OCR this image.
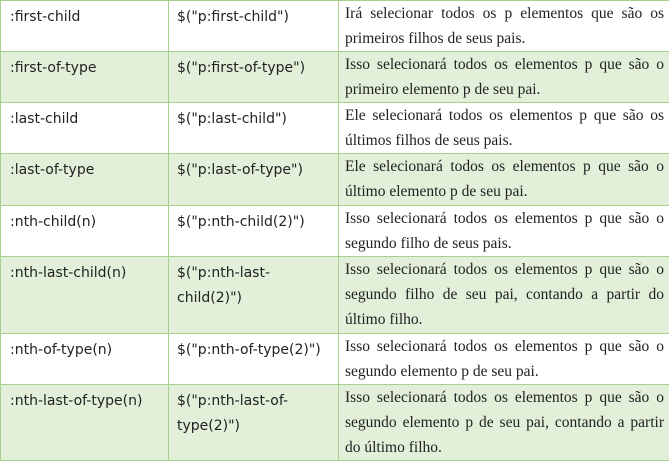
:first-child	$("p:first-child")	Irá selecionar todos os p elementos que são os primeiros filhos de seus pais.

:first-of-type	$("p:first-of-type")	Isso selecionará todos os elementos p que são o primeiro elemento p de seu pai.

:last-child	$("p:last-child")	Ele selecionará todos os elementos p que são os últimos filhos de seus pais.

:last-of-type	$("p:last-of-type")	Ele selecionará todos os elementos p que são o último elemento p de seu pai.

:nth-child(n)	$("p:nth-child(2)")	Isso selecionará todos os elementos p que são o segundo filho de seus pais.

:nth-last-child(n)	$("p:nth-last-child(2)")	Isso selecionará todos os elementos p que são o segundo filho de seu pai, contando a partir do último filho.

:nth-of-type(n)	$("p:nth-of-type(2)")	Isso selecionará todos os elementos p que são o segundo elemento p de seu pai.

:nth-last-of-type(n)	$("p:nth-last-of-type(2)")	Isso selecionará todos os elementos p que são o segundo elemento p de seu pai, contando a partir do último filho.
